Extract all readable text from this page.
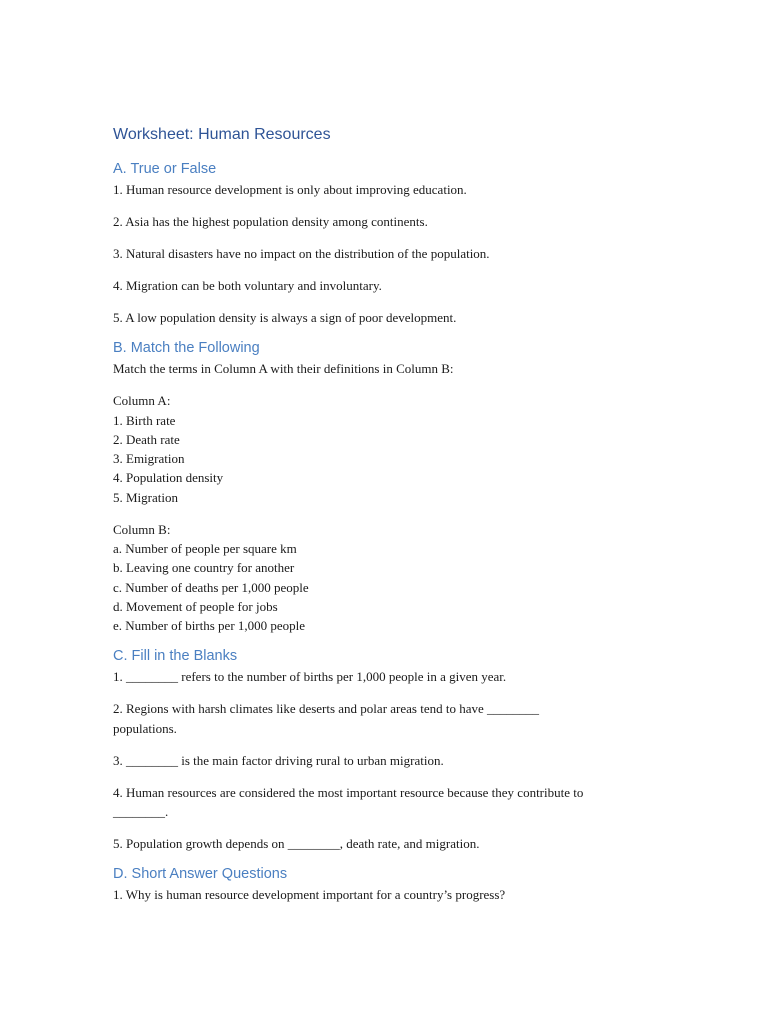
Worksheet: Human Resources
A. True or False

1. Human resource development is only about improving education.

2. Asia has the highest population density among continents.

3. Natural disasters have no impact on the distribution of the population.

4. Migration can be both voluntary and involuntary.

5. A low population density is always a sign of poor development.

B. Match the Following

Match the terms in Column A with their definitions in Column B:

Column A:

1. Birth rate

2. Death rate

3. Emigration

4. Population density

5. Migration

Column B:

a. Number of people per square km

b. Leaving one country for another

c. Number of deaths per 1,000 people

d. Movement of people for jobs

e. Number of births per 1,000 people

C. Fill in the Blanks

1. ________ refers to the number of births per 1,000 people in a given year.

2. Regions with harsh climates like deserts and polar areas tend to have ________

populations.

3. ________ is the main factor driving rural to urban migration.

4. Human resources are considered the most important resource because they contribute to

________.

5. Population growth depends on ________, death rate, and migration.

D. Short Answer Questions

1. Why is human resource development important for a country’s progress?
